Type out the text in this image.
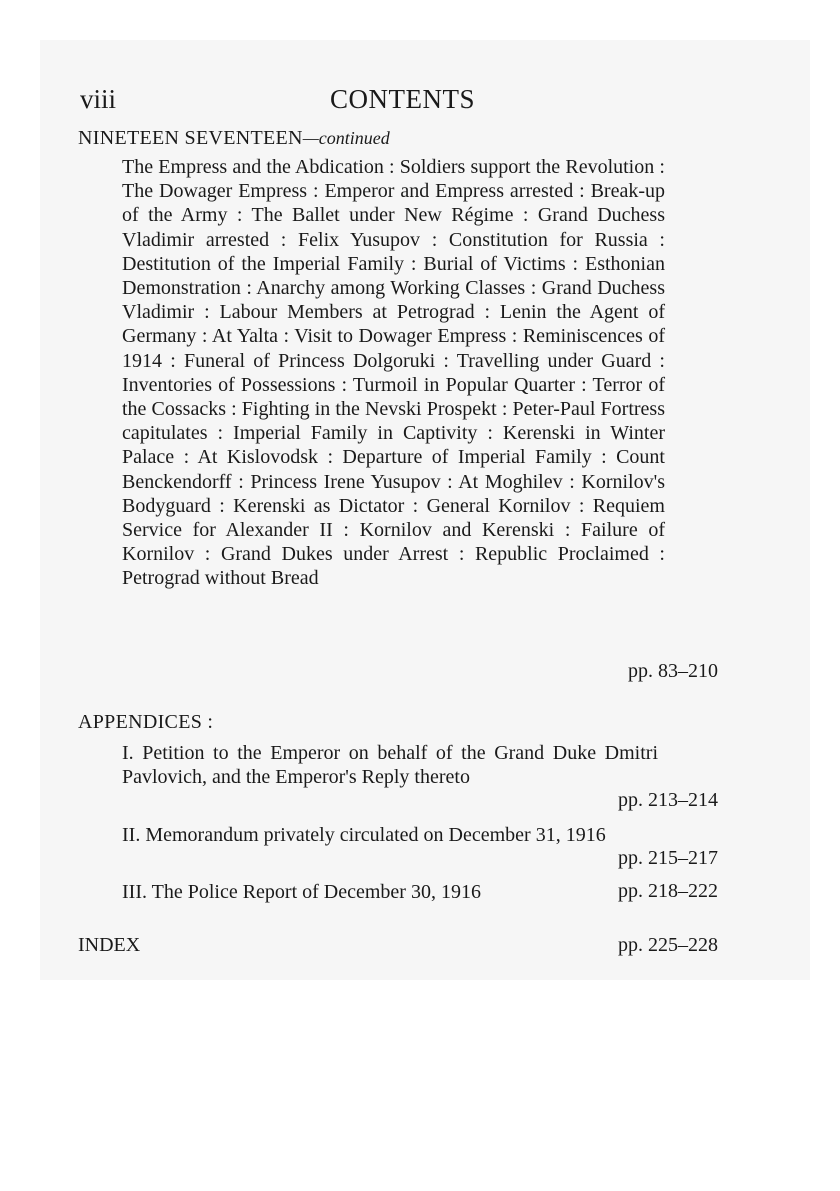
viii	CONTENTS
NINETEEN SEVENTEEN—continued

The Empress and the Abdication : Soldiers support the Revolution : The Dowager Empress : Emperor and Empress arrested : Break-up of the Army : The Ballet under New Régime : Grand Duchess Vladimir arrested : Felix Yusupov : Constitution for Russia : Destitution of the Imperial Family : Burial of Victims : Esthonian Demonstration : Anarchy among Working Classes : Grand Duchess Vladimir : Labour Members at Petrograd : Lenin the Agent of Germany : At Yalta : Visit to Dowager Empress : Reminiscences of 1914 : Funeral of Princess Dolgoruki : Travelling under Guard : Inventories of Possessions : Turmoil in Popular Quarter : Terror of the Cossacks : Fighting in the Nevski Prospekt : Peter-Paul Fortress capitulates : Imperial Family in Captivity : Kerenski in Winter Palace : At Kislovodsk : Departure of Imperial Family : Count Benckendorff : Princess Irene Yusupov : At Moghilev : Kornilov's Bodyguard : Kerenski as Dictator : General Kornilov : Requiem Service for Alexander II : Kornilov and Kerenski : Failure of Kornilov : Grand Dukes under Arrest : Republic Proclaimed : Petrograd without Bread

pp. 83–210
APPENDICES :

I. Petition to the Emperor on behalf of the Grand Duke Dmitri Pavlovich, and the Emperor's Reply thereto

pp. 213–214

II. Memorandum privately circulated on December 31, 1916

pp. 215–217

III. The Police Report of December 30, 1916	pp. 218–222
INDEX	pp. 225–228
